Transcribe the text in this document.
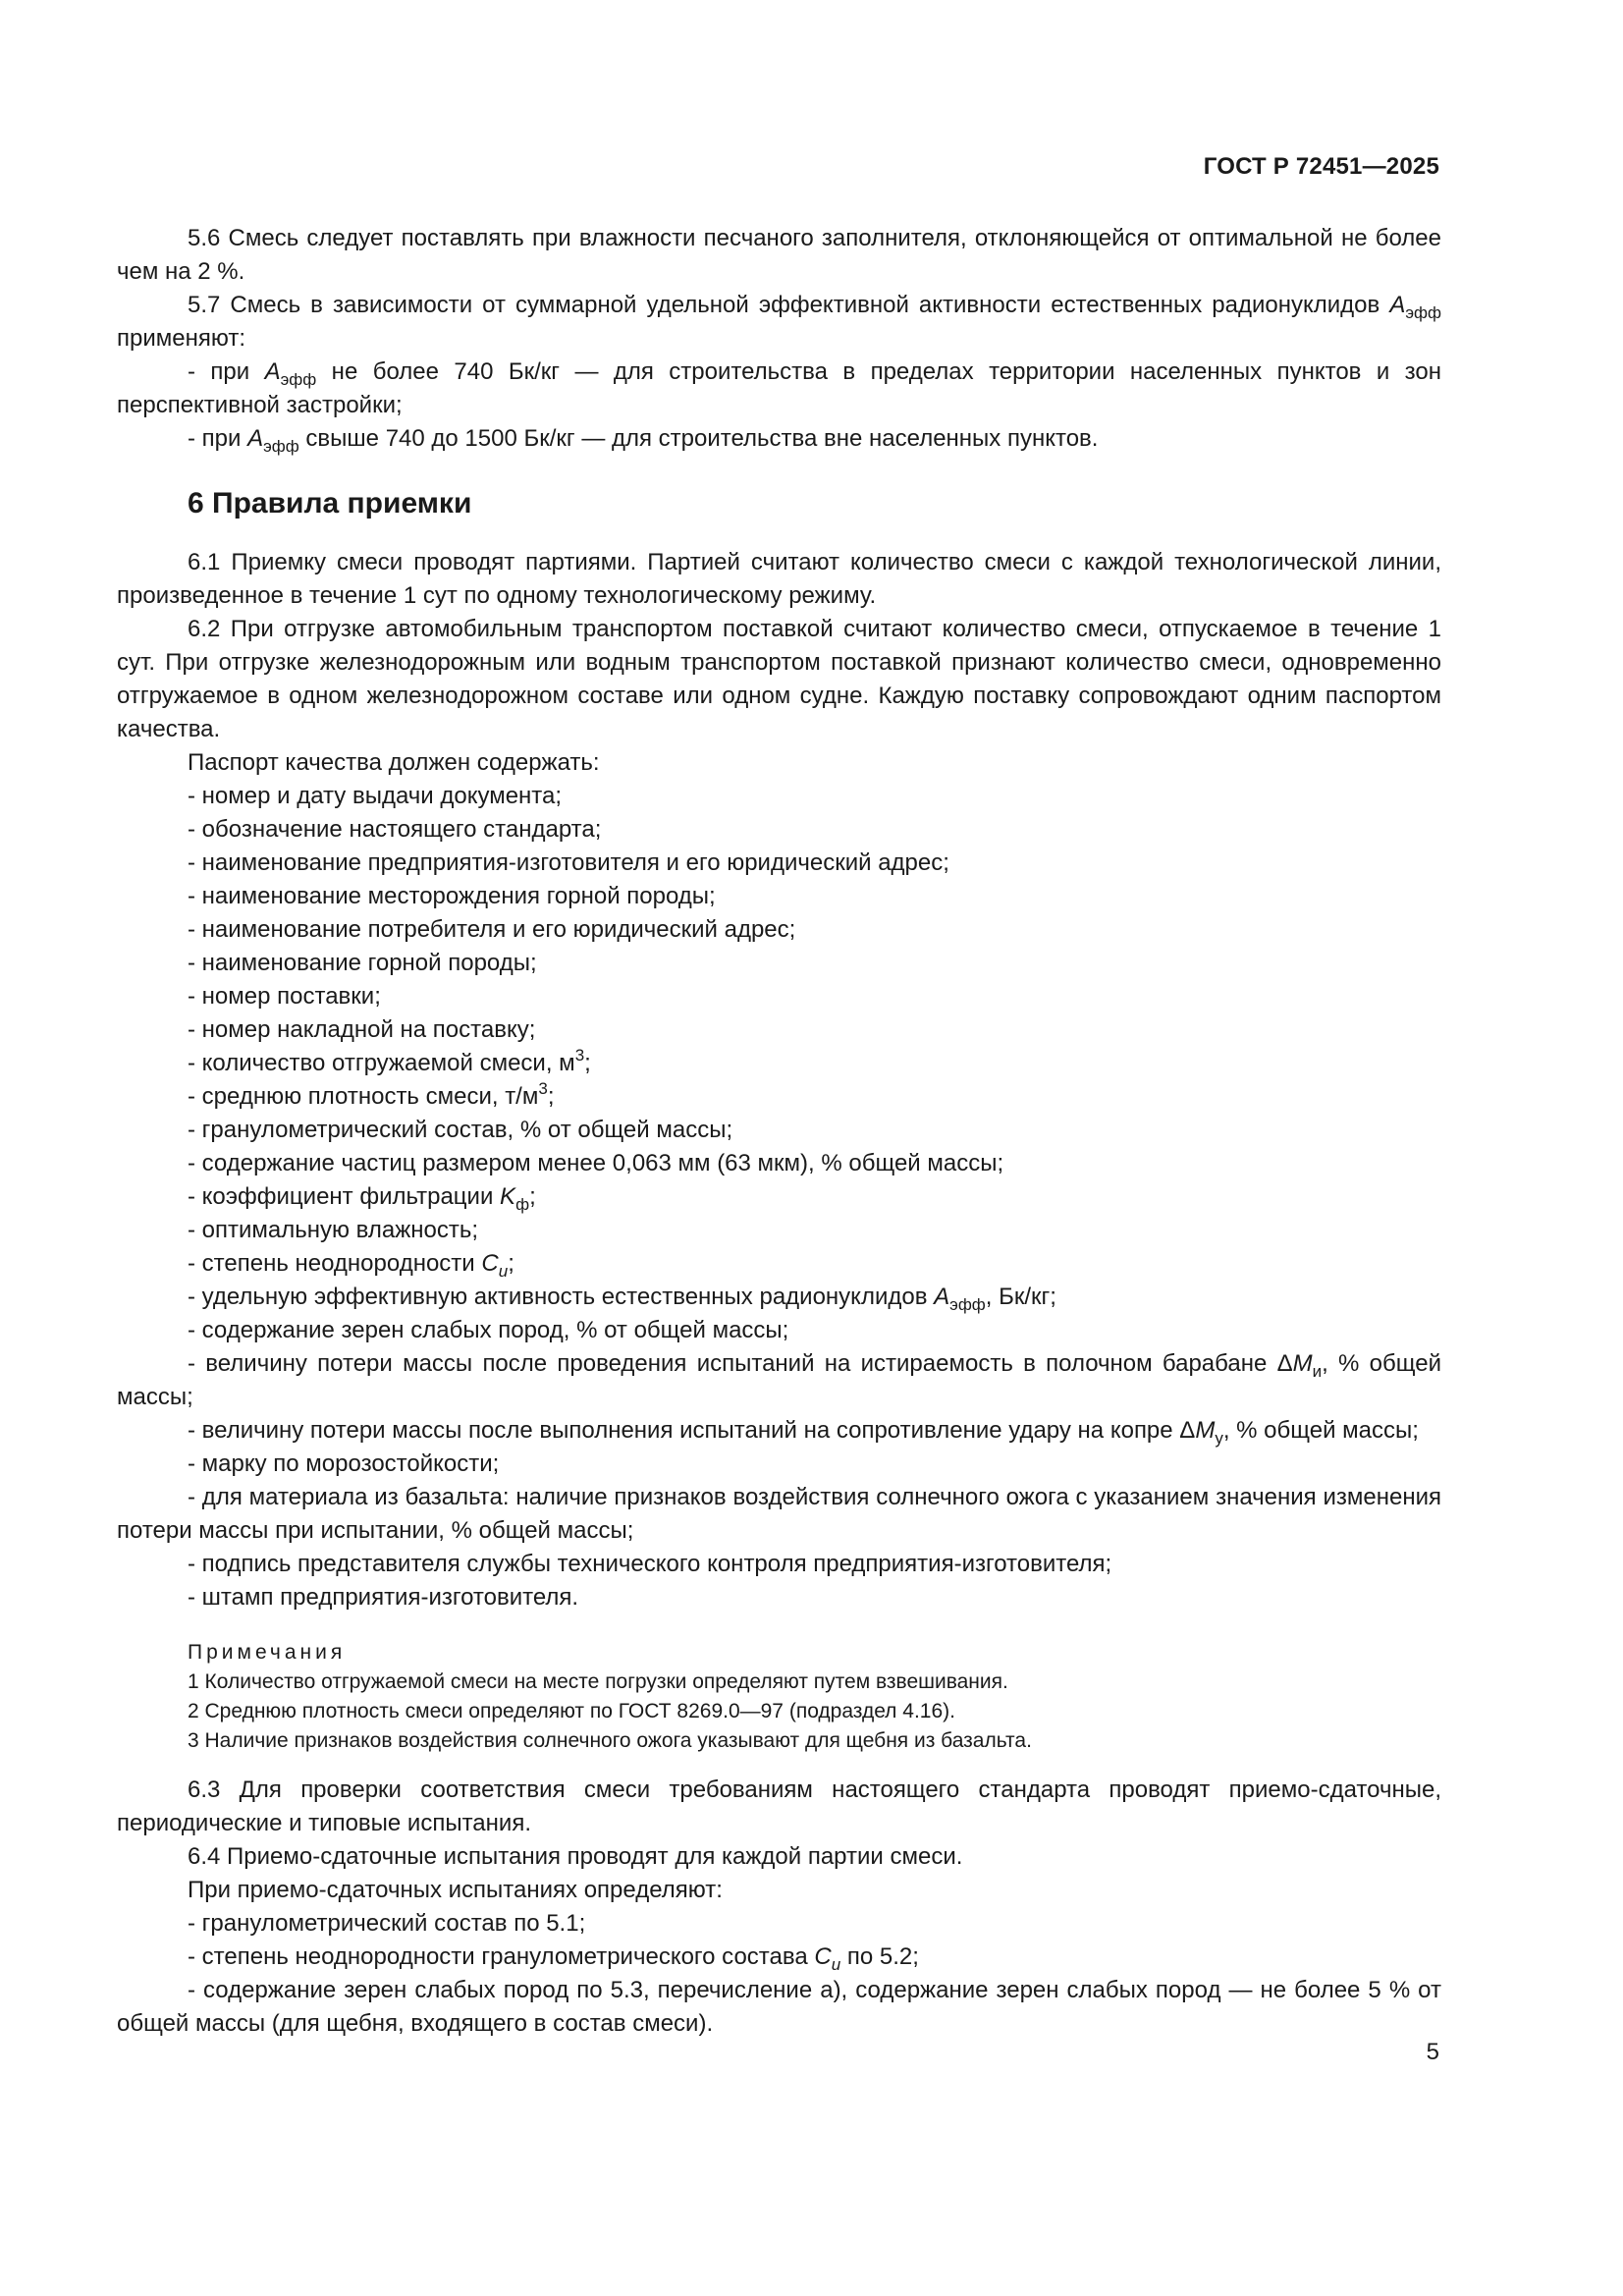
ГОСТ Р 72451—2025

5.6 Смесь следует поставлять при влажности песчаного заполнителя, отклоняющейся от оптимальной не более чем на 2 %.

5.7 Смесь в зависимости от суммарной удельной эффективной активности естественных радионуклидов $A_{эфф}$ применяют:

- при $A_{эфф}$ не более 740 Бк/кг — для строительства в пределах территории населенных пунктов и зон перспективной застройки;

- при $A_{эфф}$ свыше 740 до 1500 Бк/кг — для строительства вне населенных пунктов.

6 Правила приемки

6.1 Приемку смеси проводят партиями. Партией считают количество смеси с каждой технологической линии, произведенное в течение 1 сут по одному технологическому режиму.

6.2 При отгрузке автомобильным транспортом поставкой считают количество смеси, отпускаемое в течение 1 сут. При отгрузке железнодорожным или водным транспортом поставкой признают количество смеси, одновременно отгружаемое в одном железнодорожном составе или одном судне. Каждую поставку сопровождают одним паспортом качества.

Паспорт качества должен содержать:

- номер и дату выдачи документа;

- обозначение настоящего стандарта;

- наименование предприятия-изготовителя и его юридический адрес;

- наименование месторождения горной породы;

- наименование потребителя и его юридический адрес;

- наименование горной породы;

- номер поставки;

- номер накладной на поставку;

- количество отгружаемой смеси, $м^3$;

- среднюю плотность смеси, $т/м^3$;

- гранулометрический состав, % от общей массы;

- содержание частиц размером менее 0,063 мм (63 мкм), % общей массы;

- коэффициент фильтрации $K_ф$;

- оптимальную влажность;

- степень неоднородности $C_u$;

- удельную эффективную активность естественных радионуклидов $A_{эфф}$, Бк/кг;

- содержание зерен слабых пород, % от общей массы;

- величину потери массы после проведения испытаний на истираемость в полочном барабане $\Delta M_и$, % общей массы;

- величину потери массы после выполнения испытаний на сопротивление удару на копре $\Delta M_у$, % общей массы;

- марку по морозостойкости;

- для материала из базальта: наличие признаков воздействия солнечного ожога с указанием значения изменения потери массы при испытании, % общей массы;

- подпись представителя службы технического контроля предприятия-изготовителя;

- штамп предприятия-изготовителя.

Примечания
1 Количество отгружаемой смеси на месте погрузки определяют путем взвешивания.
2 Среднюю плотность смеси определяют по ГОСТ 8269.0—97 (подраздел 4.16).
3 Наличие признаков воздействия солнечного ожога указывают для щебня из базальта.

6.3 Для проверки соответствия смеси требованиям настоящего стандарта проводят приемо-сдаточные, периодические и типовые испытания.

6.4 Приемо-сдаточные испытания проводят для каждой партии смеси.

При приемо-сдаточных испытаниях определяют:

- гранулометрический состав по 5.1;

- степень неоднородности гранулометрического состава $C_u$ по 5.2;

- содержание зерен слабых пород по 5.3, перечисление а), содержание зерен слабых пород — не более 5 % от общей массы (для щебня, входящего в состав смеси).

5
